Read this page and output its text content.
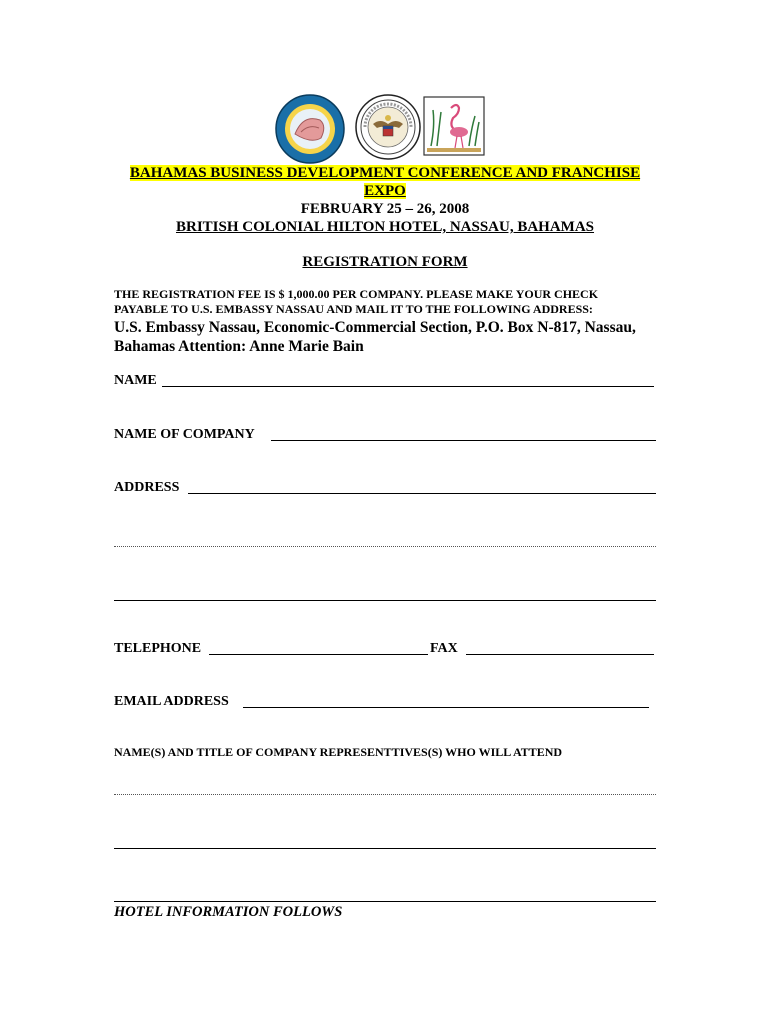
BAHAMAS BUSINESS DEVELOPMENT CONFERENCE AND FRANCHISE
EXPO
FEBRUARY 25 – 26, 2008
BRITISH COLONIAL HILTON HOTEL, NASSAU, BAHAMAS
REGISTRATION FORM
THE REGISTRATION FEE IS $ 1,000.00 PER COMPANY. PLEASE MAKE YOUR CHECK
PAYABLE TO U.S. EMBASSY NASSAU AND MAIL IT TO THE FOLLOWING ADDRESS:
U.S. Embassy Nassau, Economic-Commercial Section, P.O. Box N-817, Nassau,
Bahamas Attention: Anne Marie Bain
NAME
NAME OF COMPANY
ADDRESS
TELEPHONE	FAX
EMAIL ADDRESS
NAME(S) AND TITLE OF COMPANY REPRESENTTIVES(S) WHO WILL ATTEND
HOTEL INFORMATION FOLLOWS
